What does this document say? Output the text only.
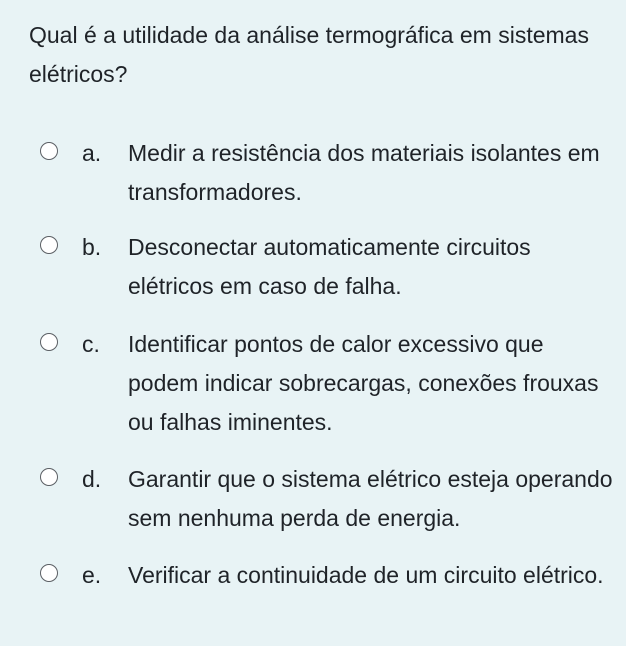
Qual é a utilidade da análise termográfica em sistemas elétricos?

a. Medir a resistência dos materiais isolantes em transformadores.
b. Desconectar automaticamente circuitos elétricos em caso de falha.
c. Identificar pontos de calor excessivo que podem indicar sobrecargas, conexões frouxas ou falhas iminentes.
d. Garantir que o sistema elétrico esteja operando sem nenhuma perda de energia.
e. Verificar a continuidade de um circuito elétrico.
